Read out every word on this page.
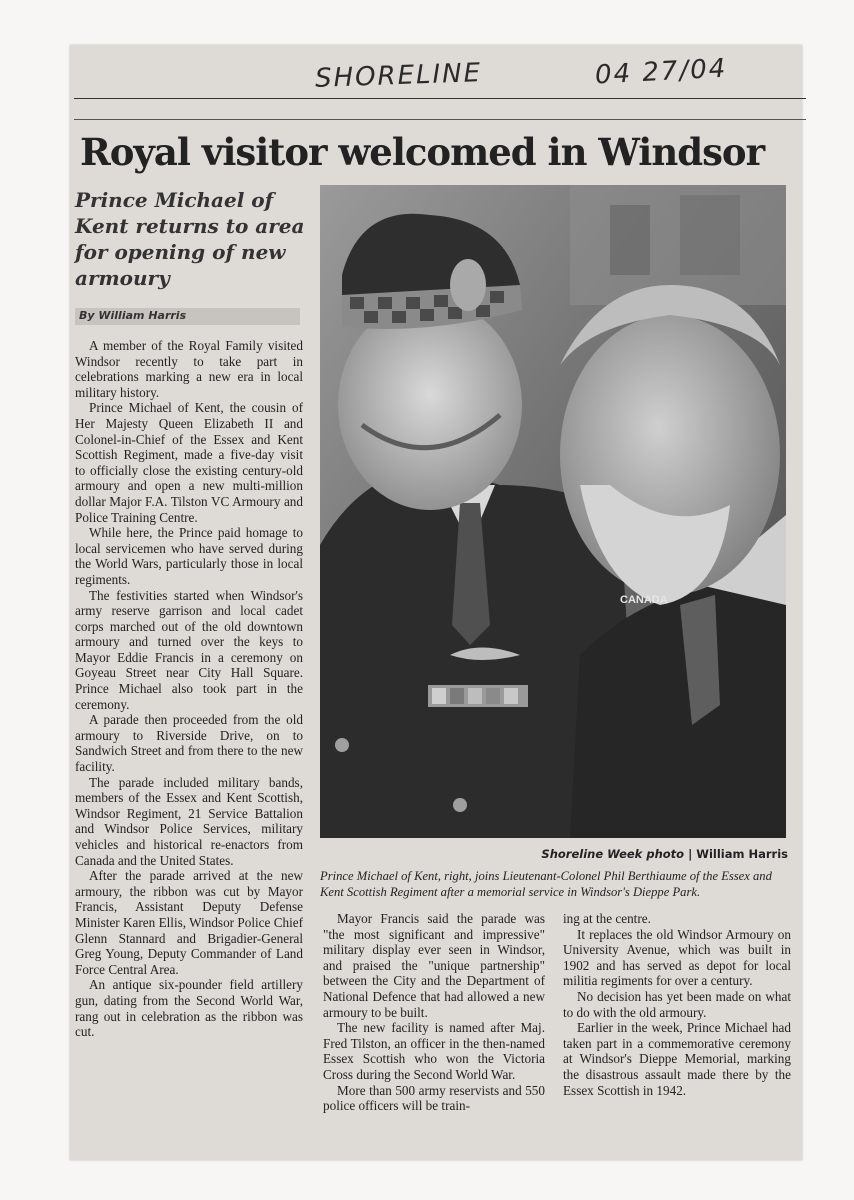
SHORELINE	04 27/04
Royal visitor welcomed in Windsor
Prince Michael of Kent returns to area for opening of new armoury
By William Harris

A member of the Royal Family visited Windsor recently to take part in celebrations marking a new era in local military history.

Prince Michael of Kent, the cousin of Her Majesty Queen Elizabeth II and Colonel-in-Chief of the Essex and Kent Scottish Regiment, made a five-day visit to officially close the existing century-old armoury and open a new multi-million dollar Major F.A. Tilston VC Armoury and Police Training Centre.

While here, the Prince paid homage to local servicemen who have served during the World Wars, particularly those in local regiments.

The festivities started when Windsor's army reserve garrison and local cadet corps marched out of the old downtown armoury and turned over the keys to Mayor Eddie Francis in a ceremony on Goyeau Street near City Hall Square. Prince Michael also took part in the ceremony.

A parade then proceeded from the old armoury to Riverside Drive, on to Sandwich Street and from there to the new facility.

The parade included military bands, members of the Essex and Kent Scottish, Windsor Regiment, 21 Service Battalion and Windsor Police Services, military vehicles and historical re-enactors from Canada and the United States.

After the parade arrived at the new armoury, the ribbon was cut by Mayor Francis, Assistant Deputy Defense Minister Karen Ellis, Windsor Police Chief Glenn Stannard and Brigadier-General Greg Young, Deputy Commander of Land Force Central Area.

An antique six-pounder field artillery gun, dating from the Second World War, rang out in celebration as the ribbon was cut.

CANADA
Shoreline Week photo | William Harris
Prince Michael of Kent, right, joins Lieutenant-Colonel Phil Berthiaume of the Essex and Kent Scottish Regiment after a memorial service in Windsor's Dieppe Park.

Mayor Francis said the parade was "the most significant and impressive" military display ever seen in Windsor, and praised the "unique partnership" between the City and the Department of National Defence that had allowed a new armoury to be built.

The new facility is named after Maj. Fred Tilston, an officer in the then-named Essex Scottish who won the Victoria Cross during the Second World War.

More than 500 army reservists and 550 police officers will be train-

ing at the centre.

It replaces the old Windsor Armoury on University Avenue, which was built in 1902 and has served as depot for local militia regiments for over a century.

No decision has yet been made on what to do with the old armoury.

Earlier in the week, Prince Michael had taken part in a commemorative ceremony at Windsor's Dieppe Memorial, marking the disastrous assault made there by the Essex Scottish in 1942.
